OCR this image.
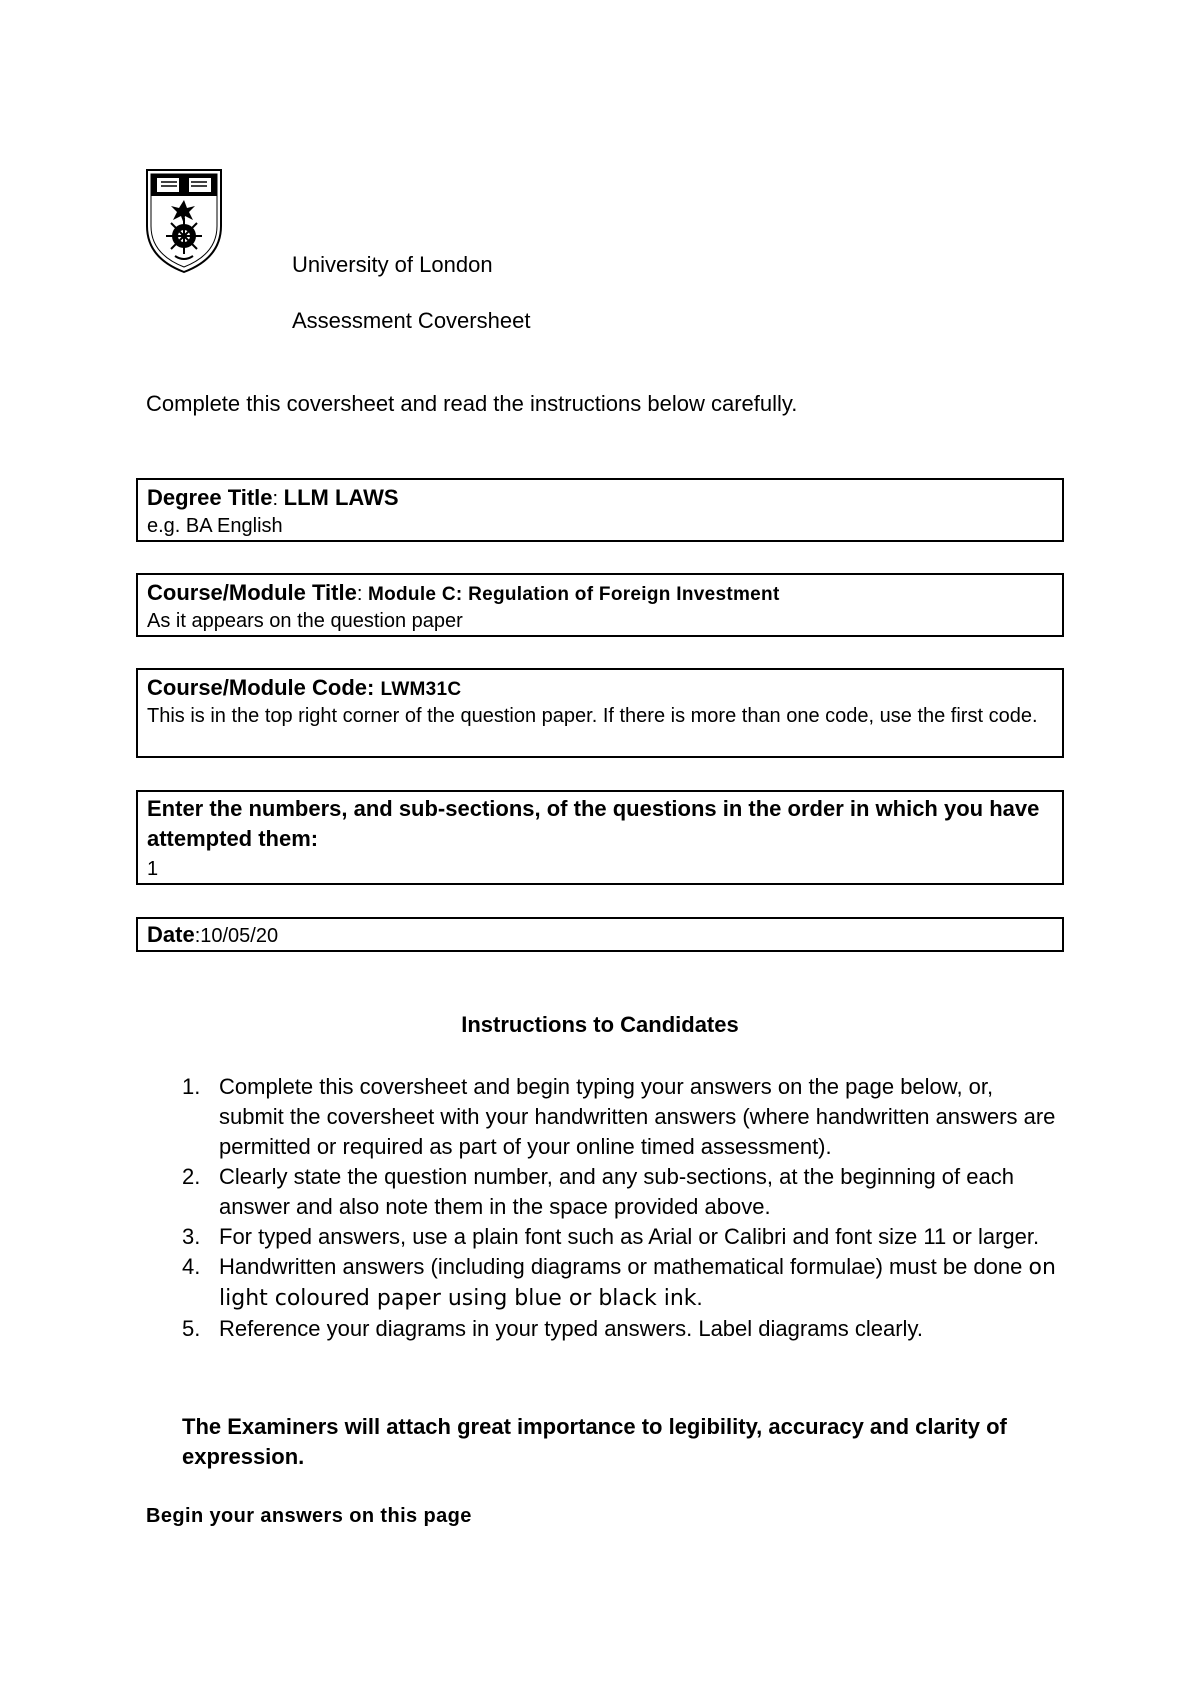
University of London
Assessment Coversheet
Complete this coversheet and read the instructions below carefully.
Degree Title: LLM LAWS
e.g. BA English
Course/Module Title: Module C: Regulation of Foreign Investment
As it appears on the question paper
Course/Module Code: LWM31C
This is in the top right corner of the question paper. If there is more than one code, use the first code.
Enter the numbers, and sub-sections, of the questions in the order in which you have attempted them:
1
Date:10/05/20
Instructions to Candidates
1. Complete this coversheet and begin typing your answers on the page below, or, submit the coversheet with your handwritten answers (where handwritten answers are permitted or required as part of your online timed assessment).
2. Clearly state the question number, and any sub-sections, at the beginning of each answer and also note them in the space provided above.
3. For typed answers, use a plain font such as Arial or Calibri and font size 11 or larger.
4. Handwritten answers (including diagrams or mathematical formulae) must be done on light coloured paper using blue or black ink.
5. Reference your diagrams in your typed answers. Label diagrams clearly.
The Examiners will attach great importance to legibility, accuracy and clarity of expression.
Begin your answers on this page
